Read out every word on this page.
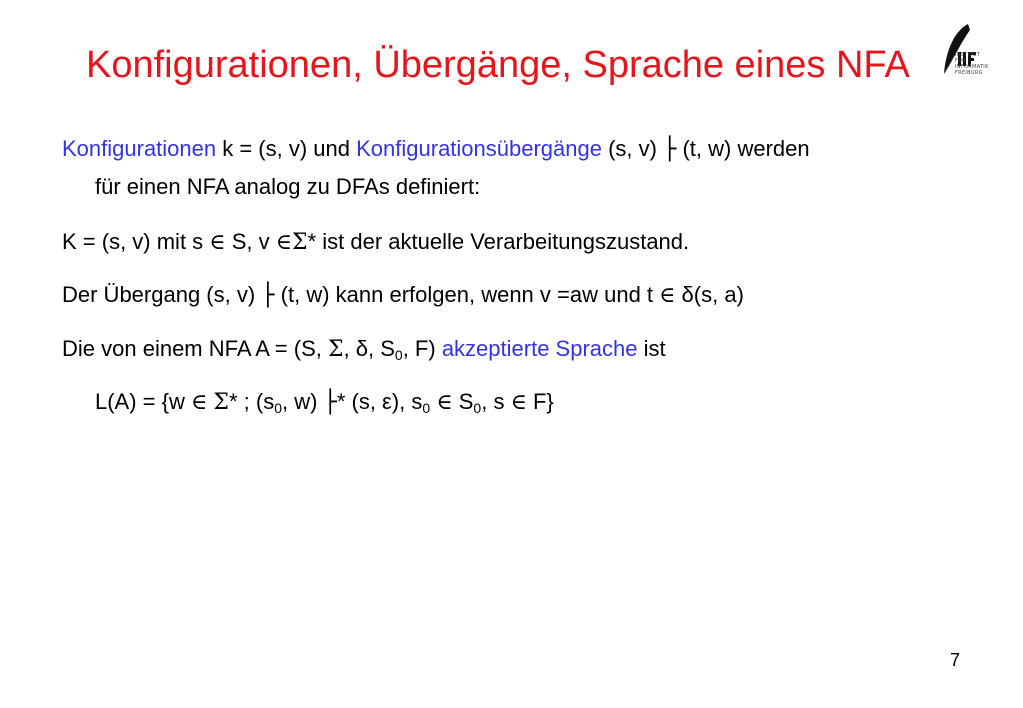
Konfigurationen, Übergänge, Sprache eines NFA	INSTITUT FÜR INFORMATIK FREIBURG
Konfigurationen k = (s, v) und Konfigurationsübergänge (s, v) ├ (t, w) werden
für einen NFA analog zu DFAs definiert:
K = (s, v) mit s ∈ S, v ∈Σ* ist der aktuelle Verarbeitungszustand.
Der Übergang (s, v) ├ (t, w) kann erfolgen, wenn v =aw und t ∈ δ(s, a)
Die von einem NFA A = (S, Σ, δ, $S_0$, F) akzeptierte Sprache ist
L(A) = {w ∈ Σ* ; ($s_0$, w) ├* (s, ε), $s_0$ ∈ $S_0$, s ∈ F}
7
